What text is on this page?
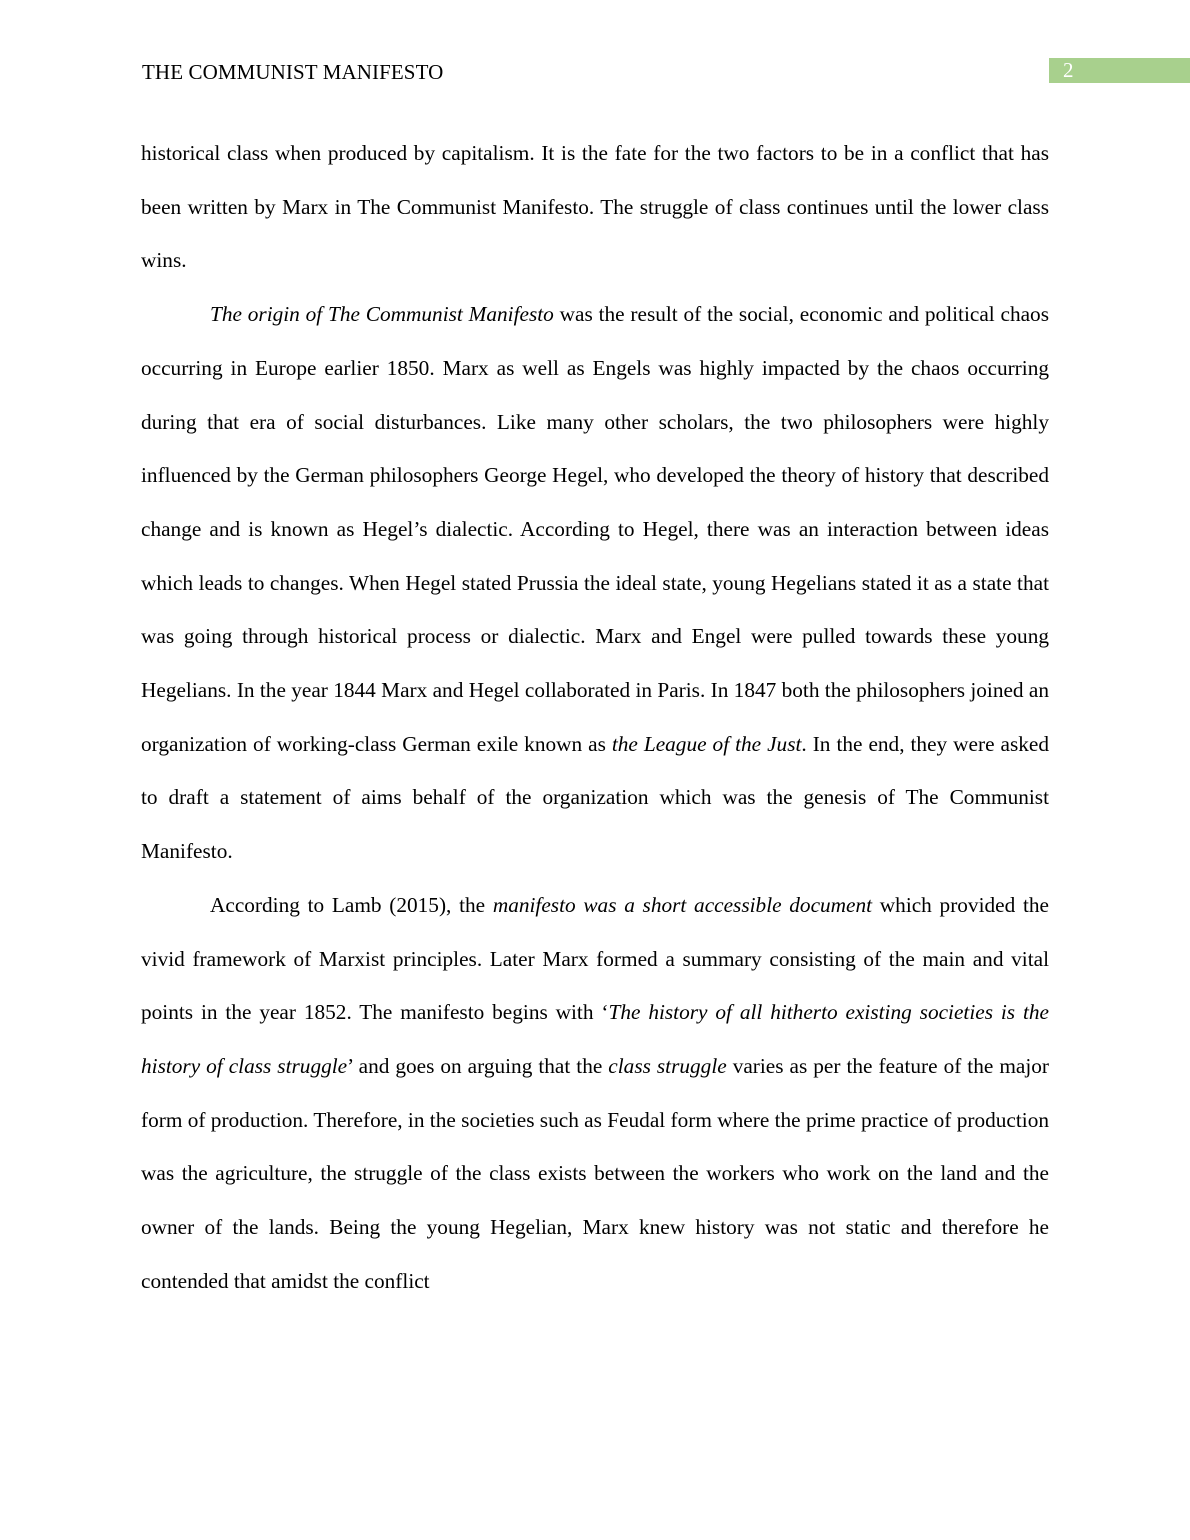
THE COMMUNIST MANIFESTO	2

historical class when produced by capitalism. It is the fate for the two factors to be in a conflict that has been written by Marx in The Communist Manifesto. The struggle of class continues until the lower class wins.

The origin of The Communist Manifesto was the result of the social, economic and political chaos occurring in Europe earlier 1850. Marx as well as Engels was highly impacted by the chaos occurring during that era of social disturbances. Like many other scholars, the two philosophers were highly influenced by the German philosophers George Hegel, who developed the theory of history that described change and is known as Hegel’s dialectic. According to Hegel, there was an interaction between ideas which leads to changes. When Hegel stated Prussia the ideal state, young Hegelians stated it as a state that was going through historical process or dialectic. Marx and Engel were pulled towards these young Hegelians. In the year 1844 Marx and Hegel collaborated in Paris. In 1847 both the philosophers joined an organization of working-class German exile known as the League of the Just. In the end, they were asked to draft a statement of aims behalf of the organization which was the genesis of The Communist Manifesto.

According to Lamb (2015), the manifesto was a short accessible document which provided the vivid framework of Marxist principles. Later Marx formed a summary consisting of the main and vital points in the year 1852. The manifesto begins with ‘The history of all hitherto existing societies is the history of class struggle’ and goes on arguing that the class struggle varies as per the feature of the major form of production. Therefore, in the societies such as Feudal form where the prime practice of production was the agriculture, the struggle of the class exists between the workers who work on the land and the owner of the lands. Being the young Hegelian, Marx knew history was not static and therefore he contended that amidst the conflict
